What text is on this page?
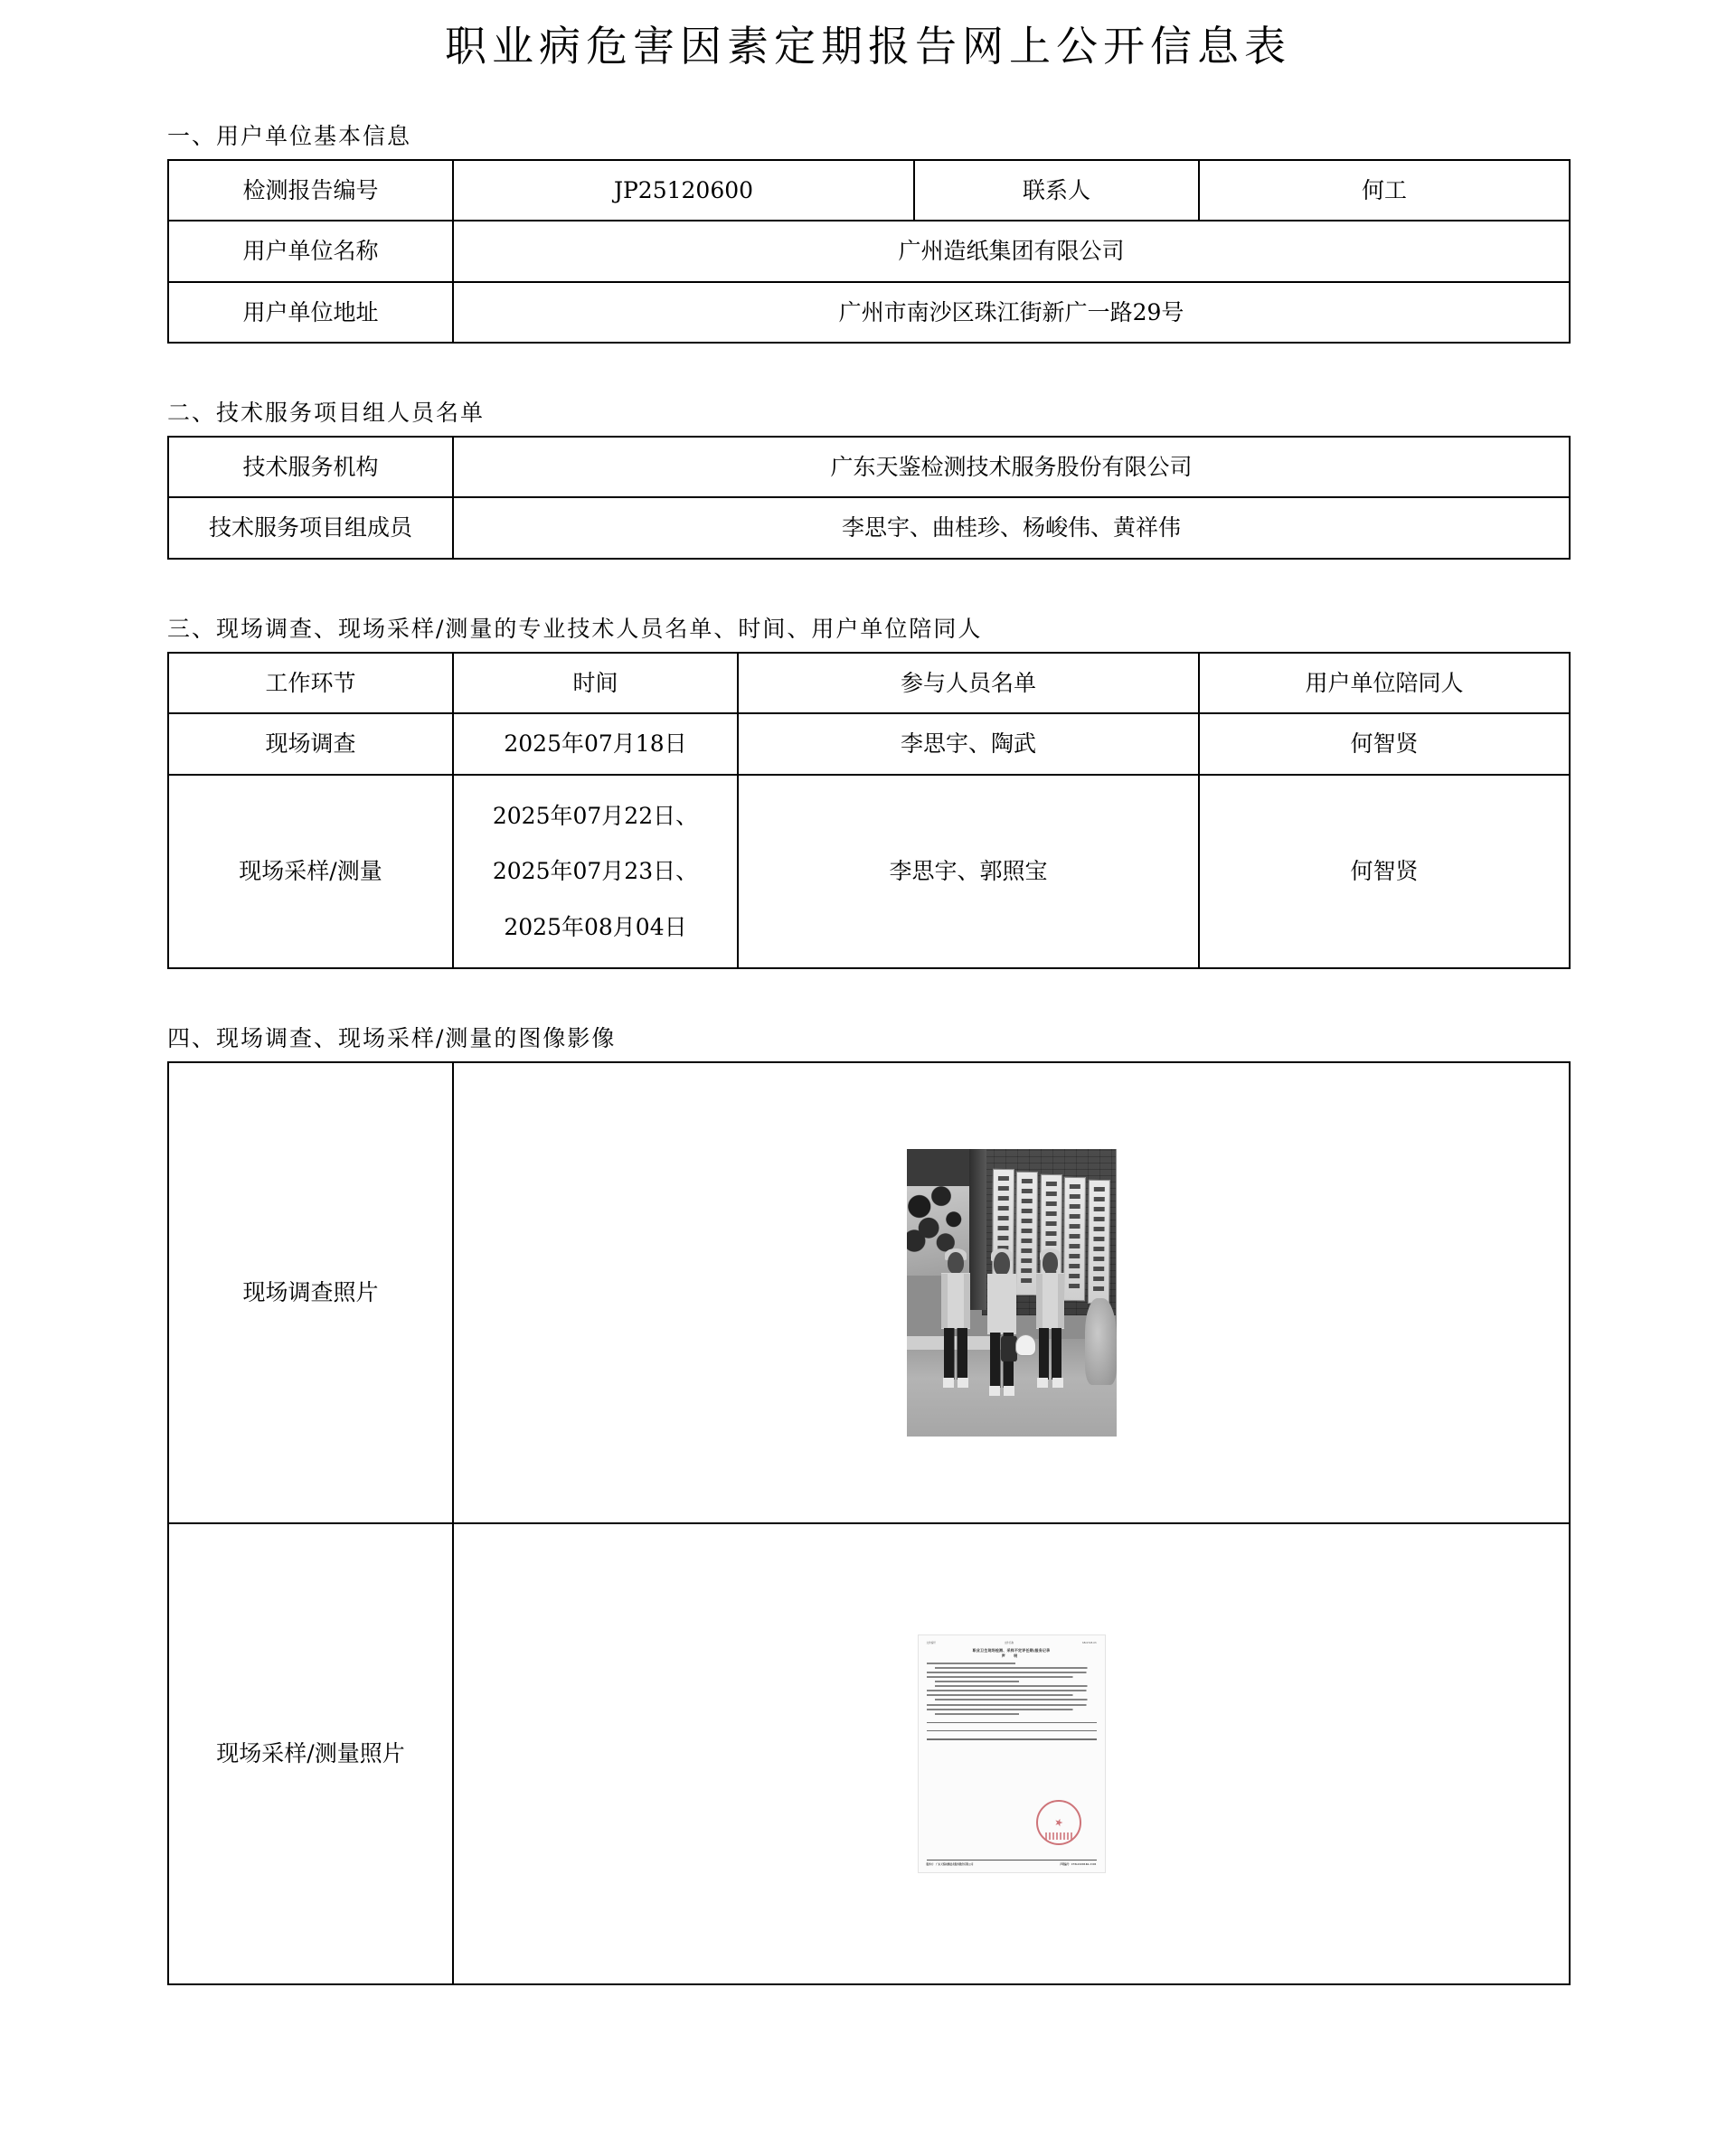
职业病危害因素定期报告网上公开信息表
一、用户单位基本信息
检测报告编号	JP25120600	联系人	何工
用户单位名称	广州造纸集团有限公司		
用户单位地址	广州市南沙区珠江街新广一路29号		
二、技术服务项目组人员名单
技术服务机构	广东天鉴检测技术服务股份有限公司
技术服务项目组成员	李思宇、曲桂珍、杨峻伟、黄祥伟
三、现场调查、现场采样/测量的专业技术人员名单、时间、用户单位陪同人
工作环节	时间	参与人员名单	用户单位陪同人
现场调查	2025年07月18日	李思宇、陶武	何智贤
现场采样/测量	2025年07月22日、
2025年07月23日、
2025年08月04日	李思宇、郭照宝	何智贤
四、现场调查、现场采样/测量的图像影像
现场调查照片	

现场采样/测量照片	
文件编号	文件名称	SB-ST28-03
职业卫生现场检测、采样不定评任期/服务记录
声 明
服务方：广东天鉴检测技术服务股份有限公司	声明编号：CY8.2320146-1101
